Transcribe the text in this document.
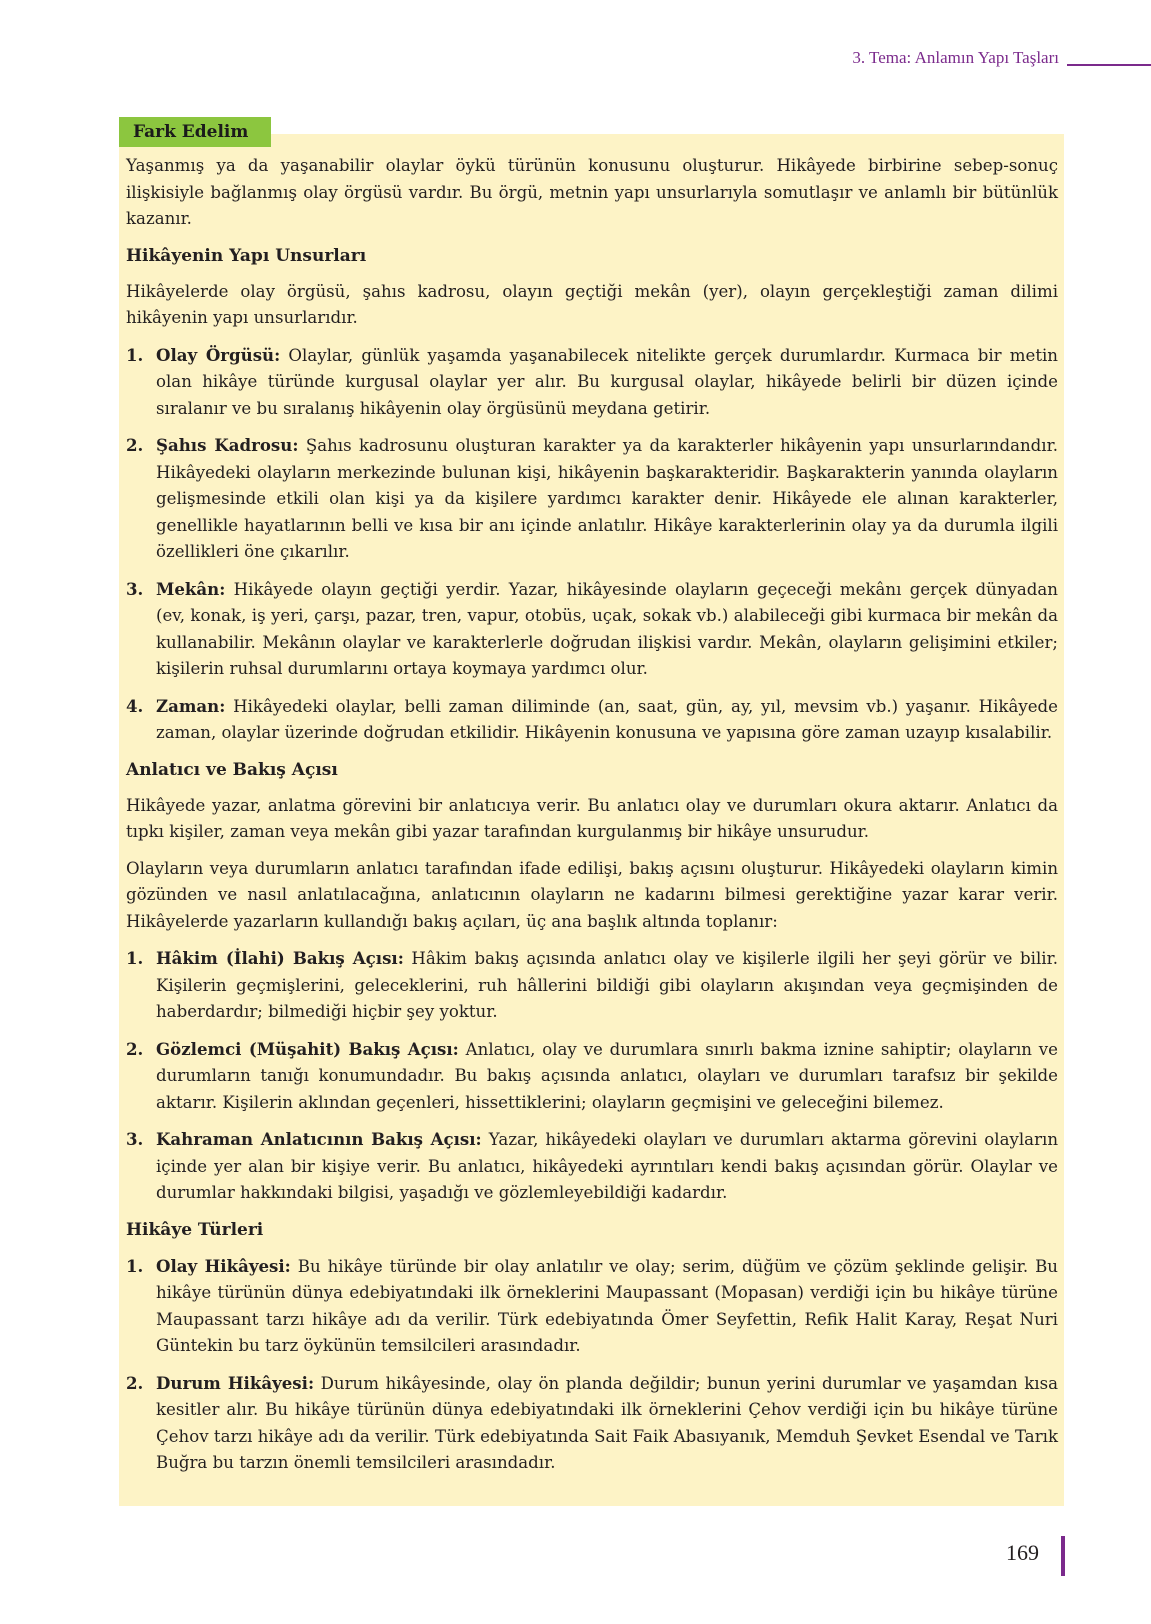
3. Tema: Anlamın Yapı Taşları
Fark Edelim

Yaşanmış ya da yaşanabilir olaylar öykü türünün konusunu oluşturur. Hikâyede birbirine sebep-sonuç ilişkisiyle bağlanmış olay örgüsü vardır. Bu örgü, metnin yapı unsurlarıyla somutlaşır ve anlamlı bir bütünlük kazanır.

Hikâyenin Yapı Unsurları

Hikâyelerde olay örgüsü, şahıs kadrosu, olayın geçtiği mekân (yer), olayın gerçekleştiği zaman dilimi hikâyenin yapı unsurlarıdır.

1. Olay Örgüsü: Olaylar, günlük yaşamda yaşanabilecek nitelikte gerçek durumlardır. Kurmaca bir metin olan hikâye türünde kurgusal olaylar yer alır. Bu kurgusal olaylar, hikâyede belirli bir düzen içinde sıralanır ve bu sıralanış hikâyenin olay örgüsünü meydana getirir.
2. Şahıs Kadrosu: Şahıs kadrosunu oluşturan karakter ya da karakterler hikâyenin yapı unsurlarındandır. Hikâyedeki olayların merkezinde bulunan kişi, hikâyenin başkarakteridir. Başkarakterin yanında olayların gelişmesinde etkili olan kişi ya da kişilere yardımcı karakter denir. Hikâyede ele alınan karakterler, genellikle hayatlarının belli ve kısa bir anı içinde anlatılır. Hikâye karakterlerinin olay ya da durumla ilgili özellikleri öne çıkarılır.
3. Mekân: Hikâyede olayın geçtiği yerdir. Yazar, hikâyesinde olayların geçeceği mekânı gerçek dünyadan (ev, konak, iş yeri, çarşı, pazar, tren, vapur, otobüs, uçak, sokak vb.) alabileceği gibi kurmaca bir mekân da kullanabilir. Mekânın olaylar ve karakterlerle doğrudan ilişkisi vardır. Mekân, olayların gelişimini etkiler; kişilerin ruhsal durumlarını ortaya koymaya yardımcı olur.
4. Zaman: Hikâyedeki olaylar, belli zaman diliminde (an, saat, gün, ay, yıl, mevsim vb.) yaşanır. Hikâyede zaman, olaylar üzerinde doğrudan etkilidir. Hikâyenin konusuna ve yapısına göre zaman uzayıp kısalabilir.
Anlatıcı ve Bakış Açısı

Hikâyede yazar, anlatma görevini bir anlatıcıya verir. Bu anlatıcı olay ve durumları okura aktarır. Anlatıcı da tıpkı kişiler, zaman veya mekân gibi yazar tarafından kurgulanmış bir hikâye unsurudur.

Olayların veya durumların anlatıcı tarafından ifade edilişi, bakış açısını oluşturur. Hikâyedeki olayların kimin gözünden ve nasıl anlatılacağına, anlatıcının olayların ne kadarını bilmesi gerektiğine yazar karar verir. Hikâyelerde yazarların kullandığı bakış açıları, üç ana başlık altında toplanır:

1. Hâkim (İlahi) Bakış Açısı: Hâkim bakış açısında anlatıcı olay ve kişilerle ilgili her şeyi görür ve bilir. Kişilerin geçmişlerini, geleceklerini, ruh hâllerini bildiği gibi olayların akışından veya geçmişinden de haberdardır; bilmediği hiçbir şey yoktur.
2. Gözlemci (Müşahit) Bakış Açısı: Anlatıcı, olay ve durumlara sınırlı bakma iznine sahiptir; olayların ve durumların tanığı konumundadır. Bu bakış açısında anlatıcı, olayları ve durumları tarafsız bir şekilde aktarır. Kişilerin aklından geçenleri, hissettiklerini; olayların geçmişini ve geleceğini bilemez.
3. Kahraman Anlatıcının Bakış Açısı: Yazar, hikâyedeki olayları ve durumları aktarma görevini olayların içinde yer alan bir kişiye verir. Bu anlatıcı, hikâyedeki ayrıntıları kendi bakış açısından görür. Olaylar ve durumlar hakkındaki bilgisi, yaşadığı ve gözlemleyebildiği kadardır.
Hikâye Türleri
1. Olay Hikâyesi: Bu hikâye türünde bir olay anlatılır ve olay; serim, düğüm ve çözüm şeklinde gelişir. Bu hikâye türünün dünya edebiyatındaki ilk örneklerini Maupassant (Mopasan) verdiği için bu hikâye türüne Maupassant tarzı hikâye adı da verilir. Türk edebiyatında Ömer Seyfettin, Refik Halit Karay, Reşat Nuri Güntekin bu tarz öykünün temsilcileri arasındadır.
2. Durum Hikâyesi: Durum hikâyesinde, olay ön planda değildir; bunun yerini durumlar ve yaşamdan kısa kesitler alır. Bu hikâye türünün dünya edebiyatındaki ilk örneklerini Çehov verdiği için bu hikâye türüne Çehov tarzı hikâye adı da verilir. Türk edebiyatında Sait Faik Abasıyanık, Memduh Şevket Esendal ve Tarık Buğra bu tarzın önemli temsilcileri arasındadır.
169
